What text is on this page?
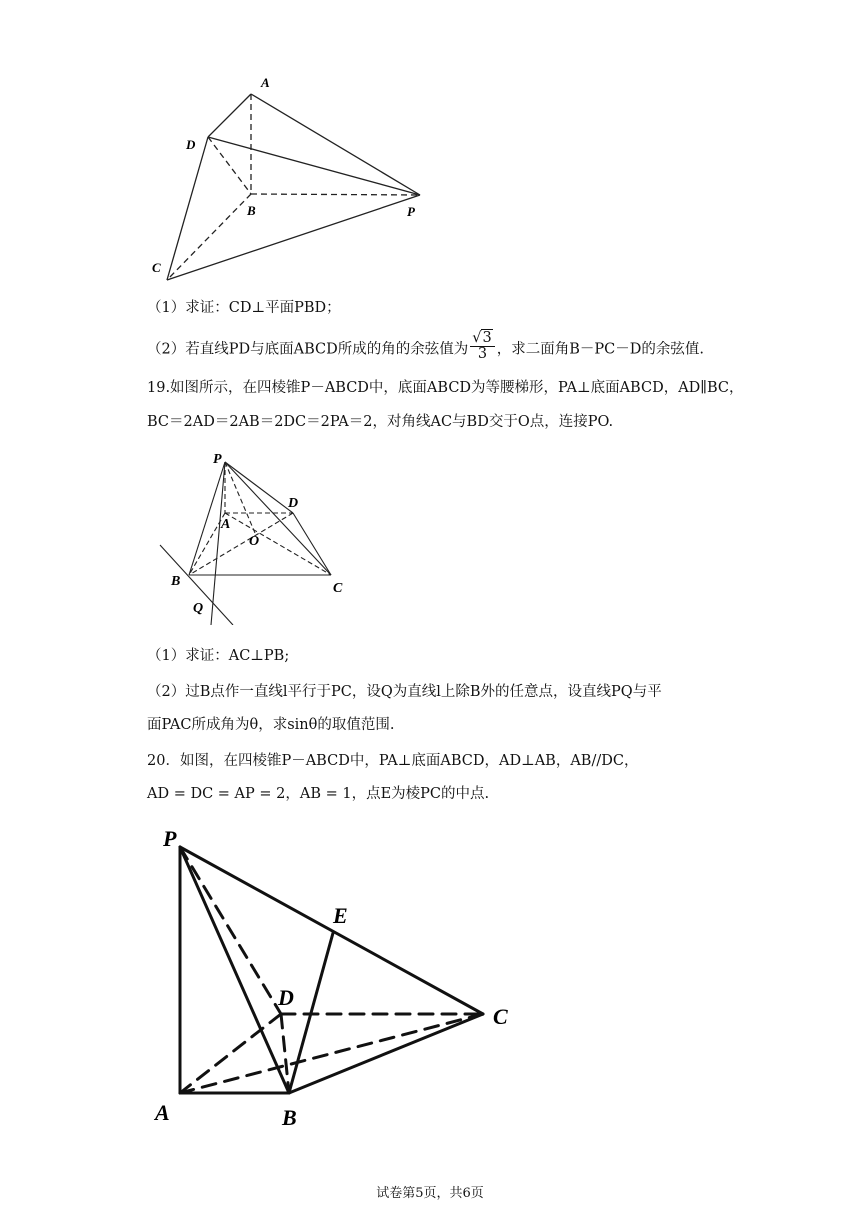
A
D
B	P
C
（1）求证：CD⊥平面PBD；
（2）若直线PD与底面ABCD所成的角的余弦值为 $\frac{√3}{3}$ ，求二面角B－PC－D的余弦值.
19.如图所示，在四棱锥P－ABCD中，底面ABCD为等腰梯形，PA⊥底面ABCD，AD∥BC，
BC＝2AD＝2AB＝2DC＝2PA＝2，对角线AC与BD交于O点，连接PO.
P
D
A
O
B	C
Q
（1）求证：AC⊥PB;
（2）过B点作一直线l平行于PC，设Q为直线l上除B外的任意点，设直线PQ与平
面PAC所成角为θ，求sinθ的取值范围.
20．如图，在四棱锥P－ABCD中，PA⊥底面ABCD，AD⊥AB，AB//DC，
AD = DC = AP = 2，AB = 1，点E为棱PC的中点.
P
E
D
C
A	B
试卷第5页，共6页
